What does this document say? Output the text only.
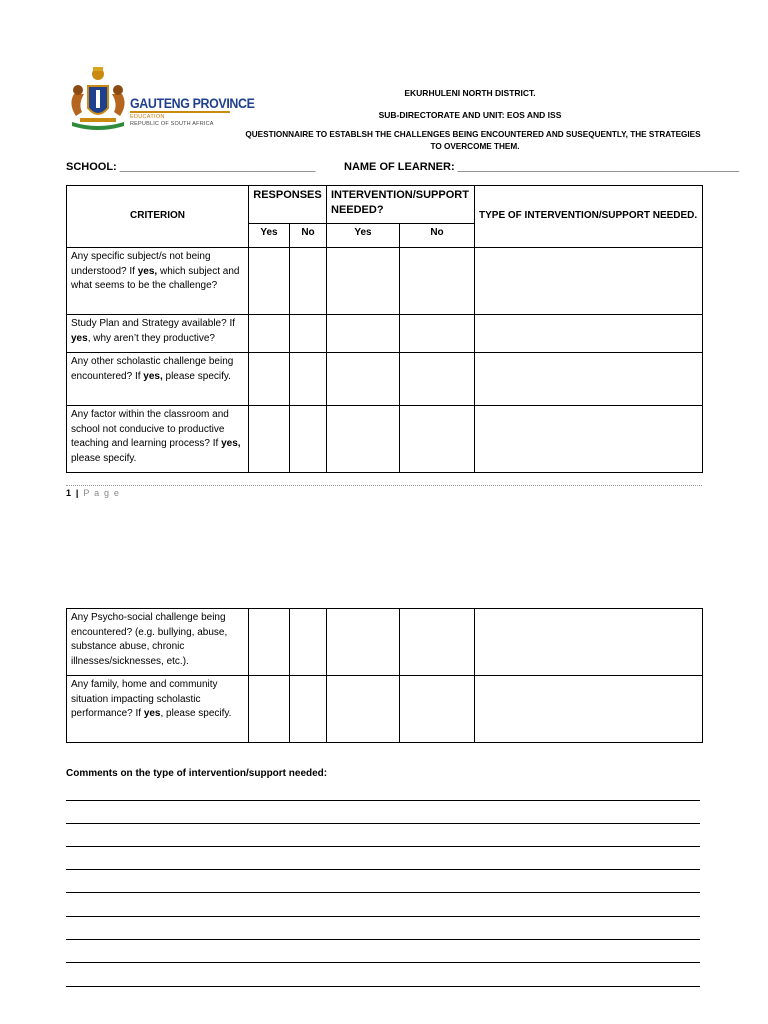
GAUTENG PROVINCE
EDUCATION
REPUBLIC OF SOUTH AFRICA
EKURHULENI NORTH DISTRICT.
SUB-DIRECTORATE AND UNIT: EOS AND ISS
QUESTIONNAIRE TO ESTABLSH THE CHALLENGES BEING ENCOUNTERED AND SUSEQUENTLY, THE STRATEGIES
TO OVERCOME THEM.
SCHOOL: ________________________________	NAME OF LEARNER: ______________________________________________
CRITERION	RESPONSES		INTERVENTION/SUPPORT NEEDED?		TYPE OF INTERVENTION/SUPPORT NEEDED.
	Yes	No	Yes	No	
Any specific subject/s not being understood? If yes, which subject and what seems to be the challenge?					
Study Plan and Strategy available? If yes, why aren’t they productive?					
Any other scholastic challenge being encountered? If yes, please specify.					
Any factor within the classroom and school not conducive to productive teaching and learning process? If yes, please specify.					
1 | P a g e
Any Psycho-social challenge being encountered? (e.g. bullying, abuse, substance abuse, chronic illnesses/sicknesses, etc.).					
Any family, home and community situation impacting scholastic performance? If yes, please specify.					
Comments on the type of intervention/support needed:
